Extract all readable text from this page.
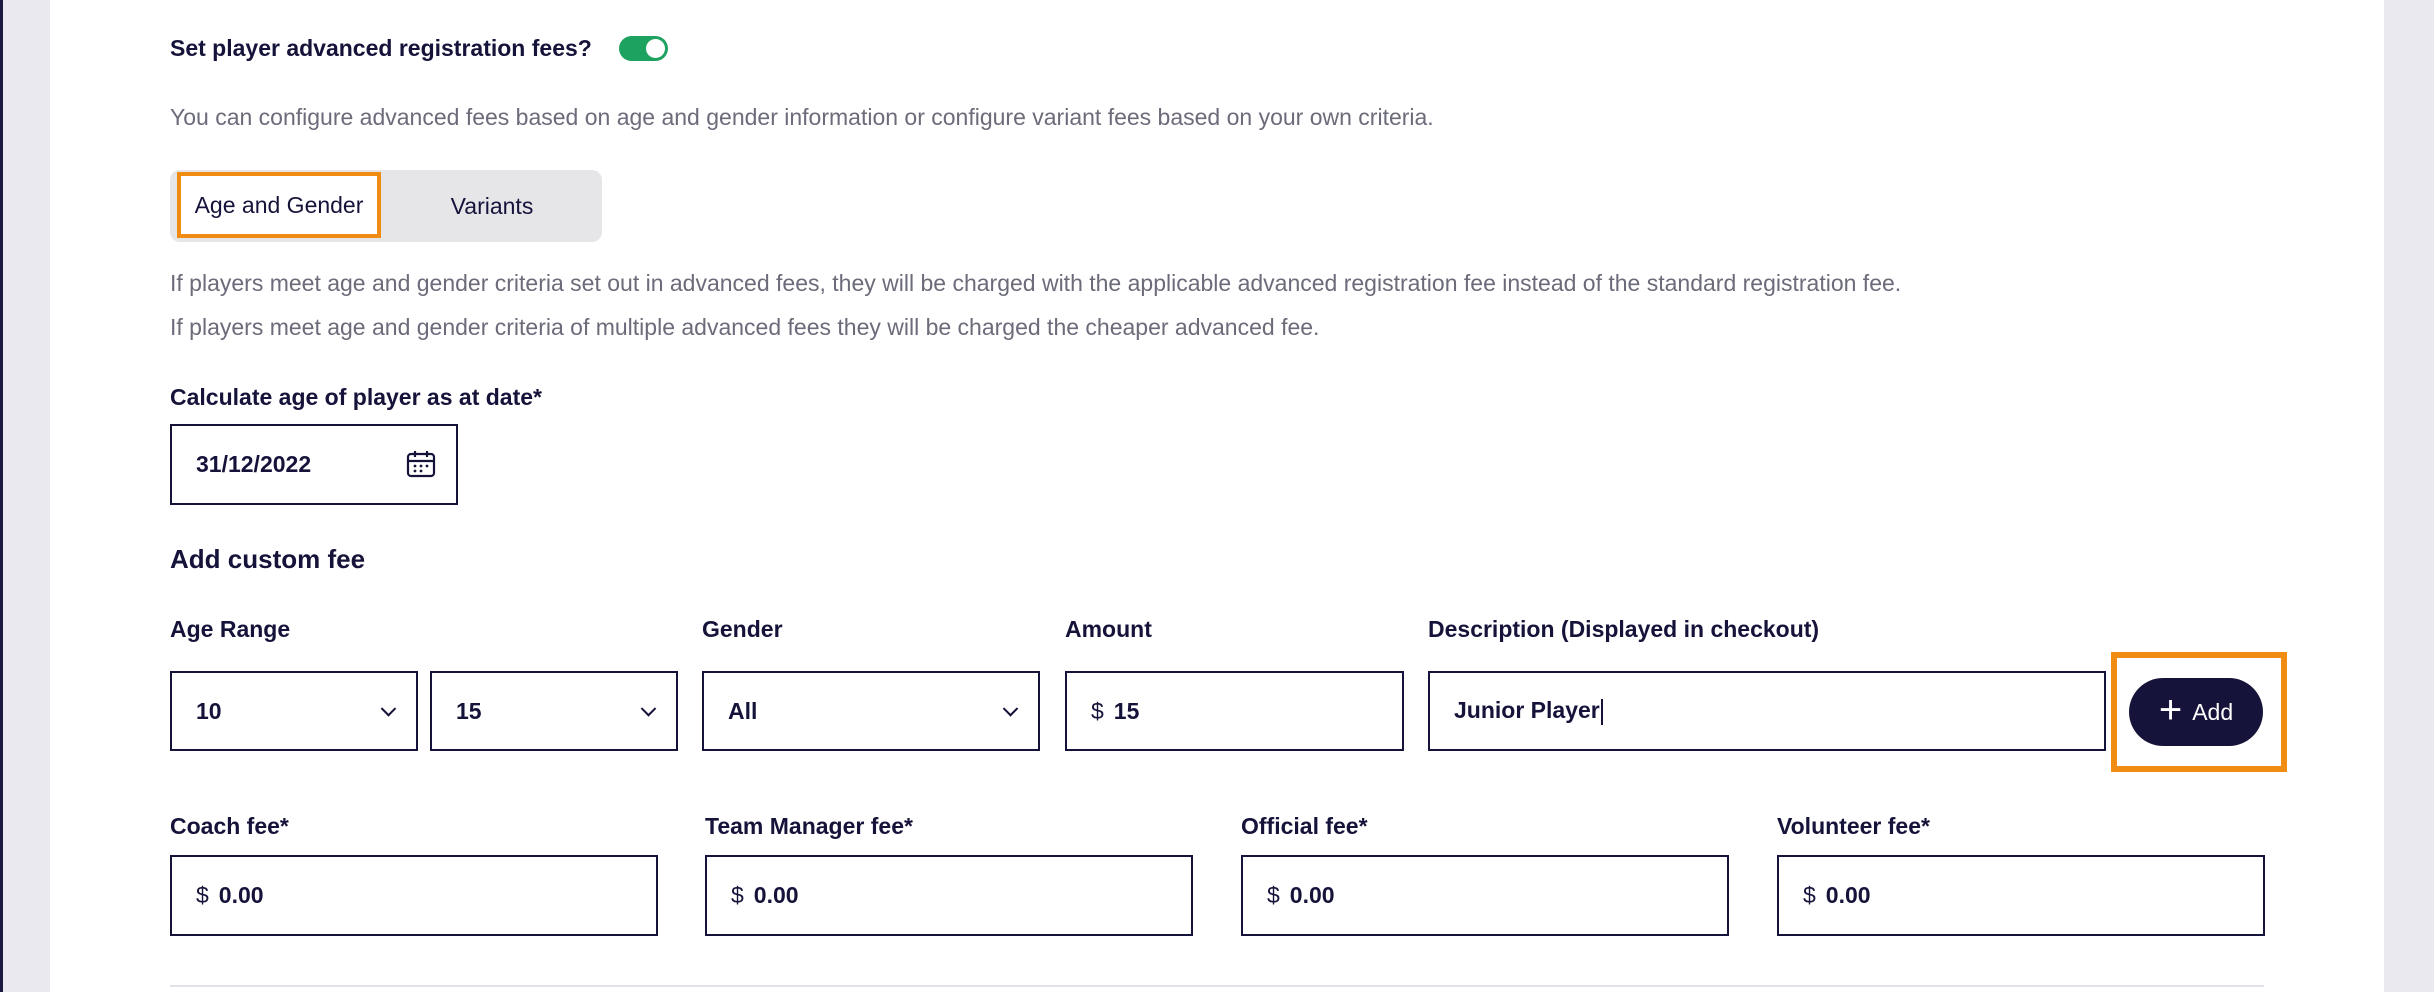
Set player advanced registration fees?
You can configure advanced fees based on age and gender information or configure variant fees based on your own criteria.
Age and Gender	Variants
If players meet age and gender criteria set out in advanced fees, they will be charged with the applicable advanced registration fee instead of the standard registration fee.
If players meet age and gender criteria of multiple advanced fees they will be charged the cheaper advanced fee.
Calculate age of player as at date*
31/12/2022
Add custom fee
Age Range	Gender	Amount	Description (Displayed in checkout)
10	15	All	$ 15	Junior Player	+ Add
Coach fee*	Team Manager fee*	Official fee*	Volunteer fee*
$ 0.00	$ 0.00	$ 0.00	$ 0.00
